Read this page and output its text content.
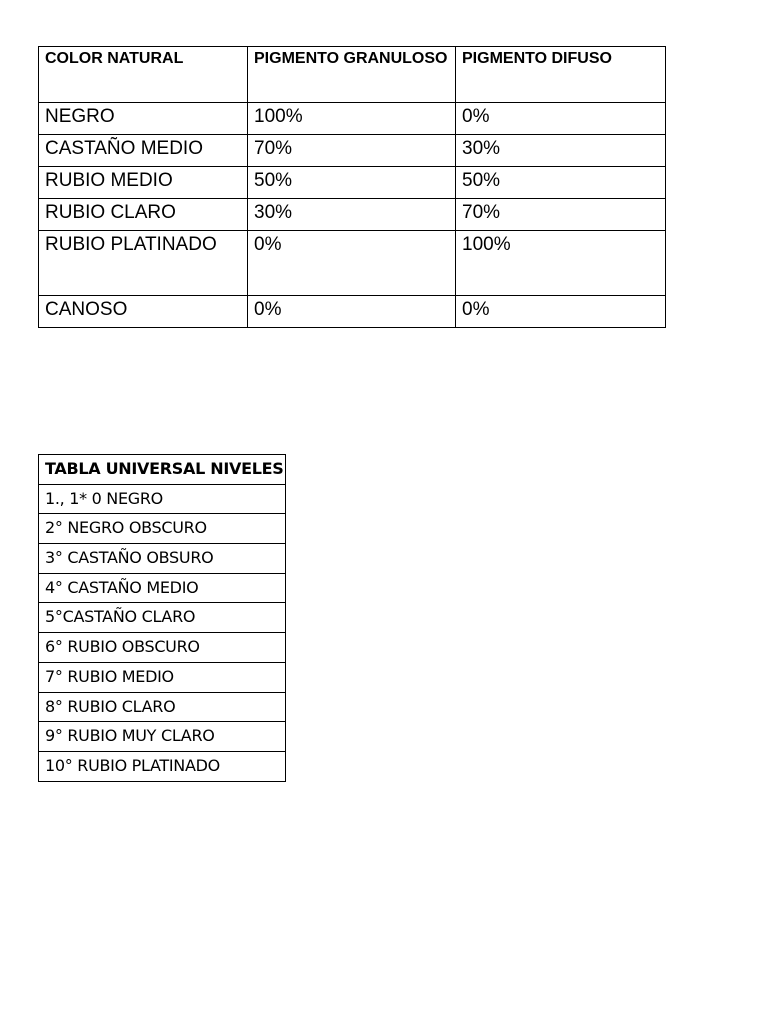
COLOR NATURAL	PIGMENTO GRANULOSO	PIGMENTO DIFUSO
NEGRO	100%	0%
CASTAÑO MEDIO	70%	30%
RUBIO MEDIO	50%	50%
RUBIO CLARO	30%	70%
RUBIO PLATINADO	0%	100%
CANOSO	0%	0%
TABLA UNIVERSAL NIVELES
1., 1* 0 NEGRO
2° NEGRO OBSCURO
3° CASTAÑO OBSURO
4° CASTAÑO MEDIO
5°CASTAÑO CLARO
6° RUBIO OBSCURO
7° RUBIO MEDIO
8° RUBIO CLARO
9° RUBIO MUY CLARO
10° RUBIO PLATINADO
